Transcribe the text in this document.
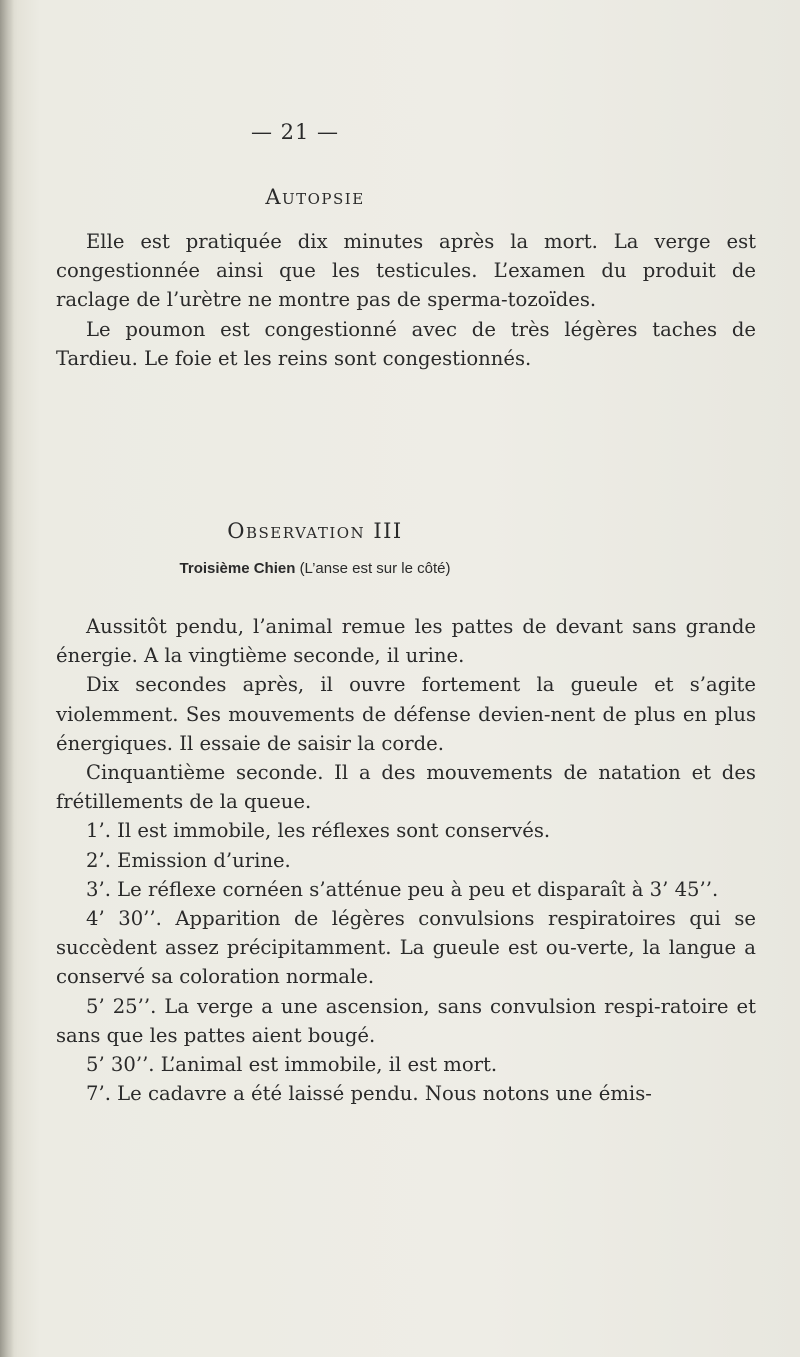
— 21 —
Autopsie

Elle est pratiquée dix minutes après la mort. La verge est congestionnée ainsi que les testicules. L’examen du produit de raclage de l’urètre ne montre pas de sperma-tozoïdes.

Le poumon est congestionné avec de très légères taches de Tardieu. Le foie et les reins sont congestionnés.

Observation III
Troisième Chien (L’anse est sur le côté)

Aussitôt pendu, l’animal remue les pattes de devant sans grande énergie. A la vingtième seconde, il urine.

Dix secondes après, il ouvre fortement la gueule et s’agite violemment. Ses mouvements de défense devien-nent de plus en plus énergiques. Il essaie de saisir la corde.

Cinquantième seconde. Il a des mouvements de natation et des frétillements de la queue.

1’. Il est immobile, les réflexes sont conservés.

2’. Emission d’urine.

3’. Le réflexe cornéen s’atténue peu à peu et disparaît à 3’ 45’’.

4’ 30’’. Apparition de légères convulsions respiratoires qui se succèdent assez précipitamment. La gueule est ou-verte, la langue a conservé sa coloration normale.

5’ 25’’. La verge a une ascension, sans convulsion respi-ratoire et sans que les pattes aient bougé.

5’ 30’’. L’animal est immobile, il est mort.

7’. Le cadavre a été laissé pendu. Nous notons une émis-
